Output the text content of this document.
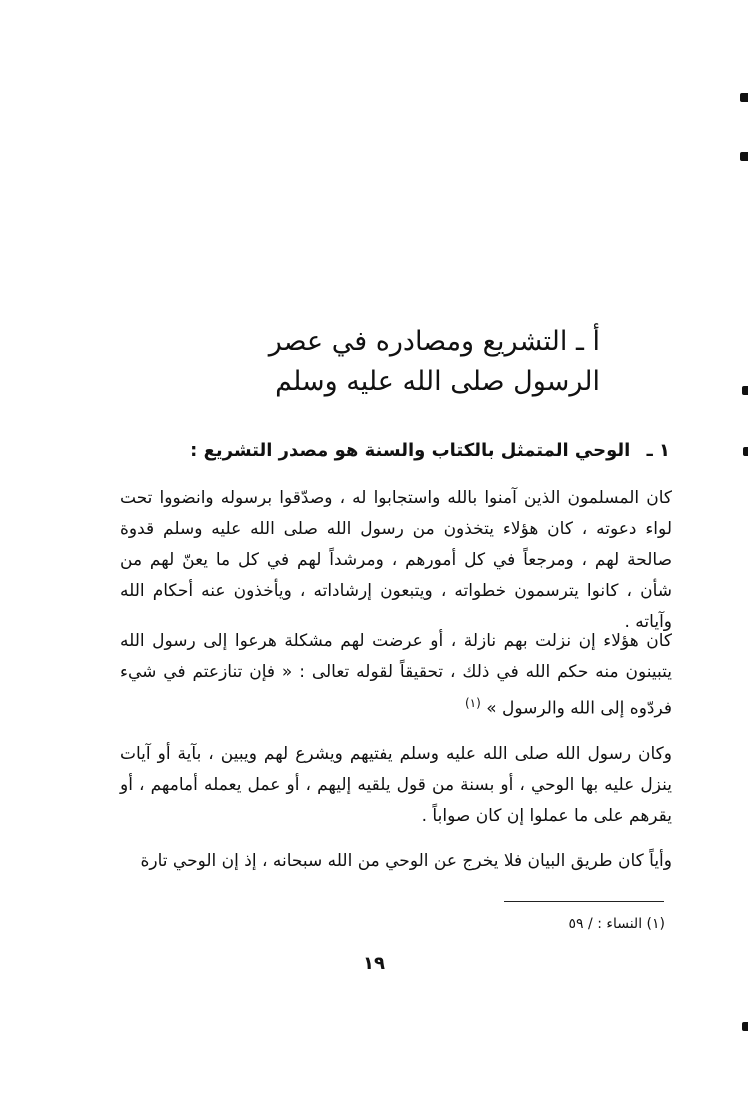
أ ـ التشريع ومصادره في عصر الرسول صلى الله عليه وسلم
١ ـ الوحي المتمثل بالكتاب والسنة هو مصدر التشريع :
كان المسلمون الذين آمنوا بالله واستجابوا له ، وصدّقوا برسوله وانضووا تحت لواء دعوته ، كان هؤلاء يتخذون من رسول الله صلى الله عليه وسلم قدوة صالحة لهم ، ومرجعاً في كل أمورهم ، ومرشداً لهم في كل ما يعنّ لهم من شأن ، كانوا يترسمون خطواته ، ويتبعون إرشاداته ، ويأخذون عنه أحكام الله وآياته .
كان هؤلاء إن نزلت بهم نازلة ، أو عرضت لهم مشكلة هرعوا إلى رسول الله يتبينون منه حكم الله في ذلك ، تحقيقاً لقوله تعالى : « فإن تنازعتم في شيء فردّوه إلى الله والرسول » $^{(١)}$
وكان رسول الله صلى الله عليه وسلم يفتيهم ويشرع لهم ويبين ، بآية أو آيات ينزل عليه بها الوحي ، أو بسنة من قول يلقيه إليهم ، أو عمل يعمله أمامهم ، أو يقرهم على ما عملوا إن كان صواباً .
وأياً كان طريق البيان فلا يخرج عن الوحي من الله سبحانه ، إذ إن الوحي تارة
(١) النساء : / ٥٩
١٩
